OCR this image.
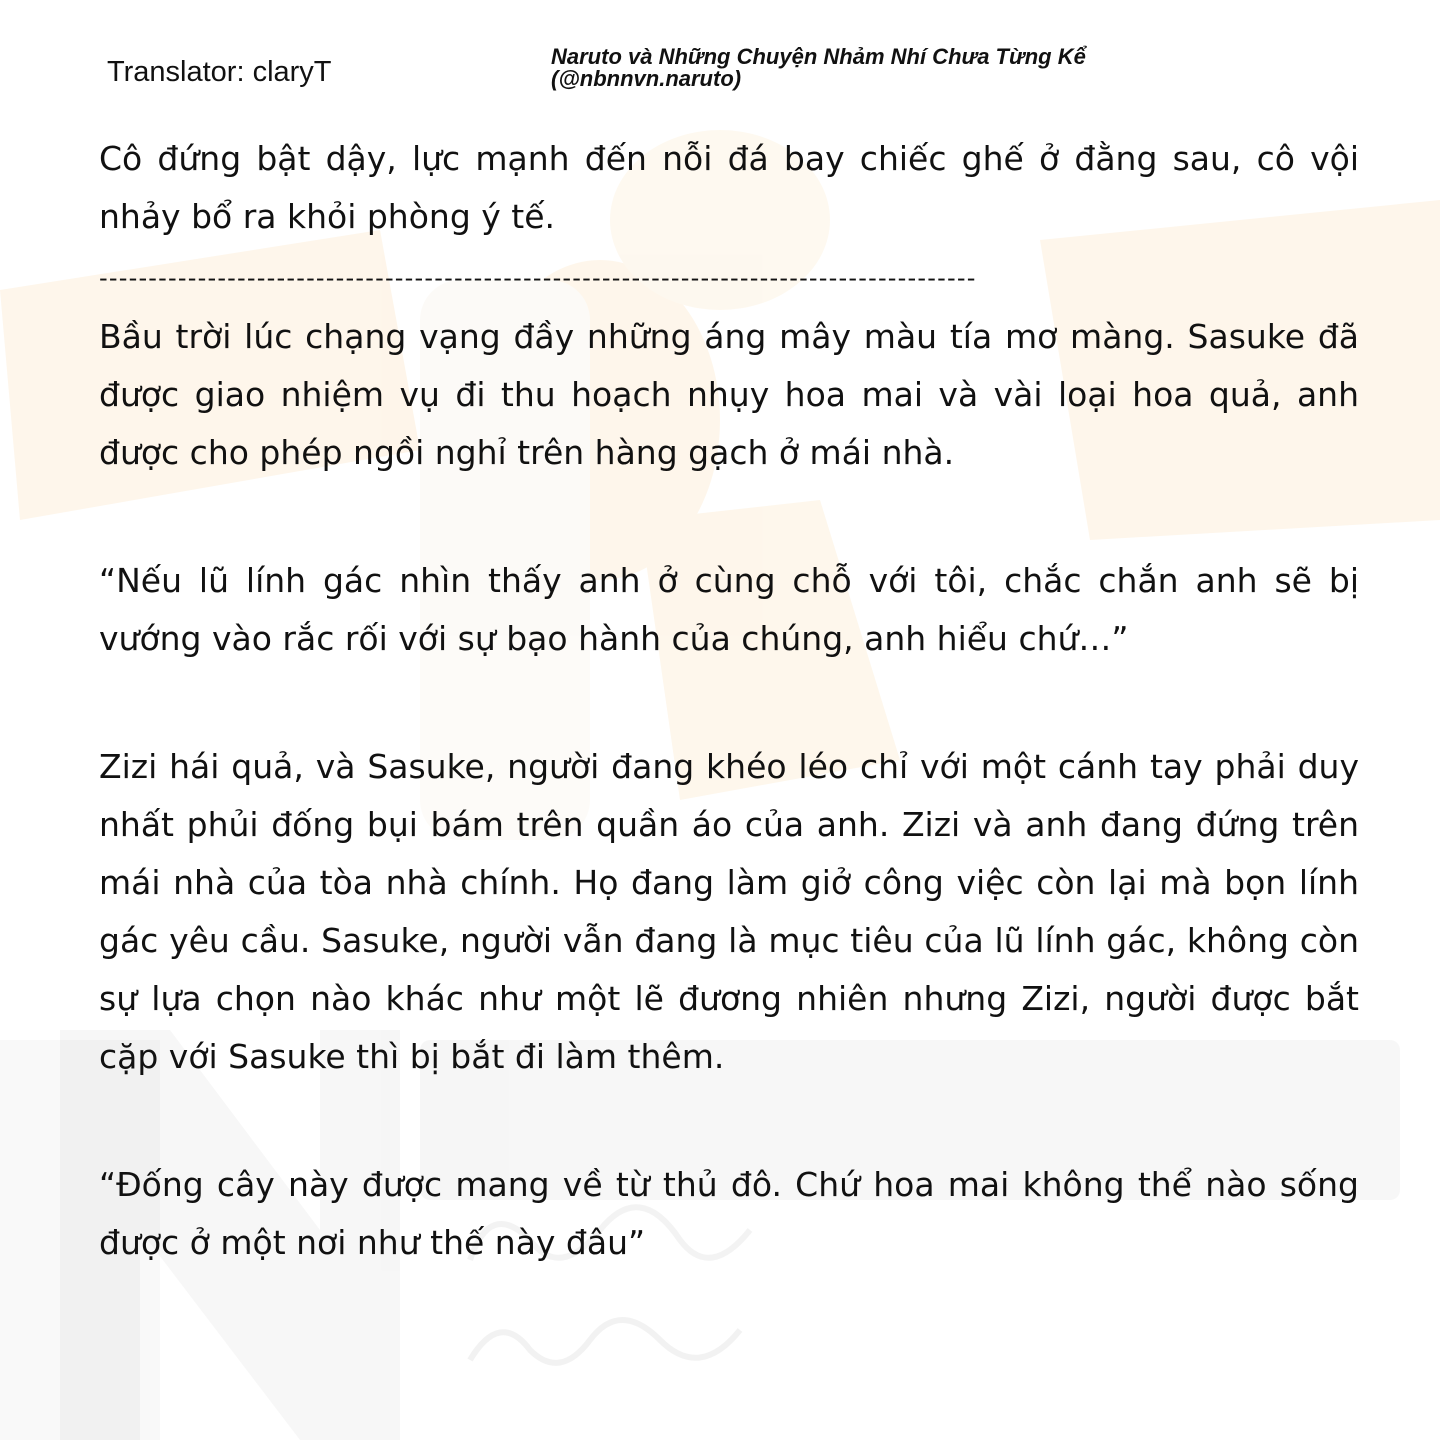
Translator: claryT	Naruto và Những Chuyện Nhảm Nhí Chưa Từng Kể
(@nbnnvn.naruto)

Cô đứng bật dậy, lực mạnh đến nỗi đá bay chiếc ghế ở đằng sau, cô vội nhảy bổ ra khỏi phòng ý tế.

-----------------------------------------------------------------------------------------

Bầu trời lúc chạng vạng đầy những áng mây màu tía mơ màng. Sasuke đã được giao nhiệm vụ đi thu hoạch nhụy hoa mai và vài loại hoa quả, anh được cho phép ngồi nghỉ trên hàng gạch ở mái nhà.

“Nếu lũ lính gác nhìn thấy anh ở cùng chỗ với tôi, chắc chắn anh sẽ bị vướng vào rắc rối với sự bạo hành của chúng, anh hiểu chứ…”

Zizi hái quả, và Sasuke, người đang khéo léo chỉ với một cánh tay phải duy nhất phủi đống bụi bám trên quần áo của anh. Zizi và anh đang đứng trên mái nhà của tòa nhà chính. Họ đang làm giở công việc còn lại mà bọn lính gác yêu cầu. Sasuke, người vẫn đang là mục tiêu của lũ lính gác, không còn sự lựa chọn nào khác như một lẽ đương nhiên nhưng Zizi, người được bắt cặp với Sasuke thì bị bắt đi làm thêm.

“Đống cây này được mang về từ thủ đô. Chứ hoa mai không thể nào sống được ở một nơi như thế này đâu”
